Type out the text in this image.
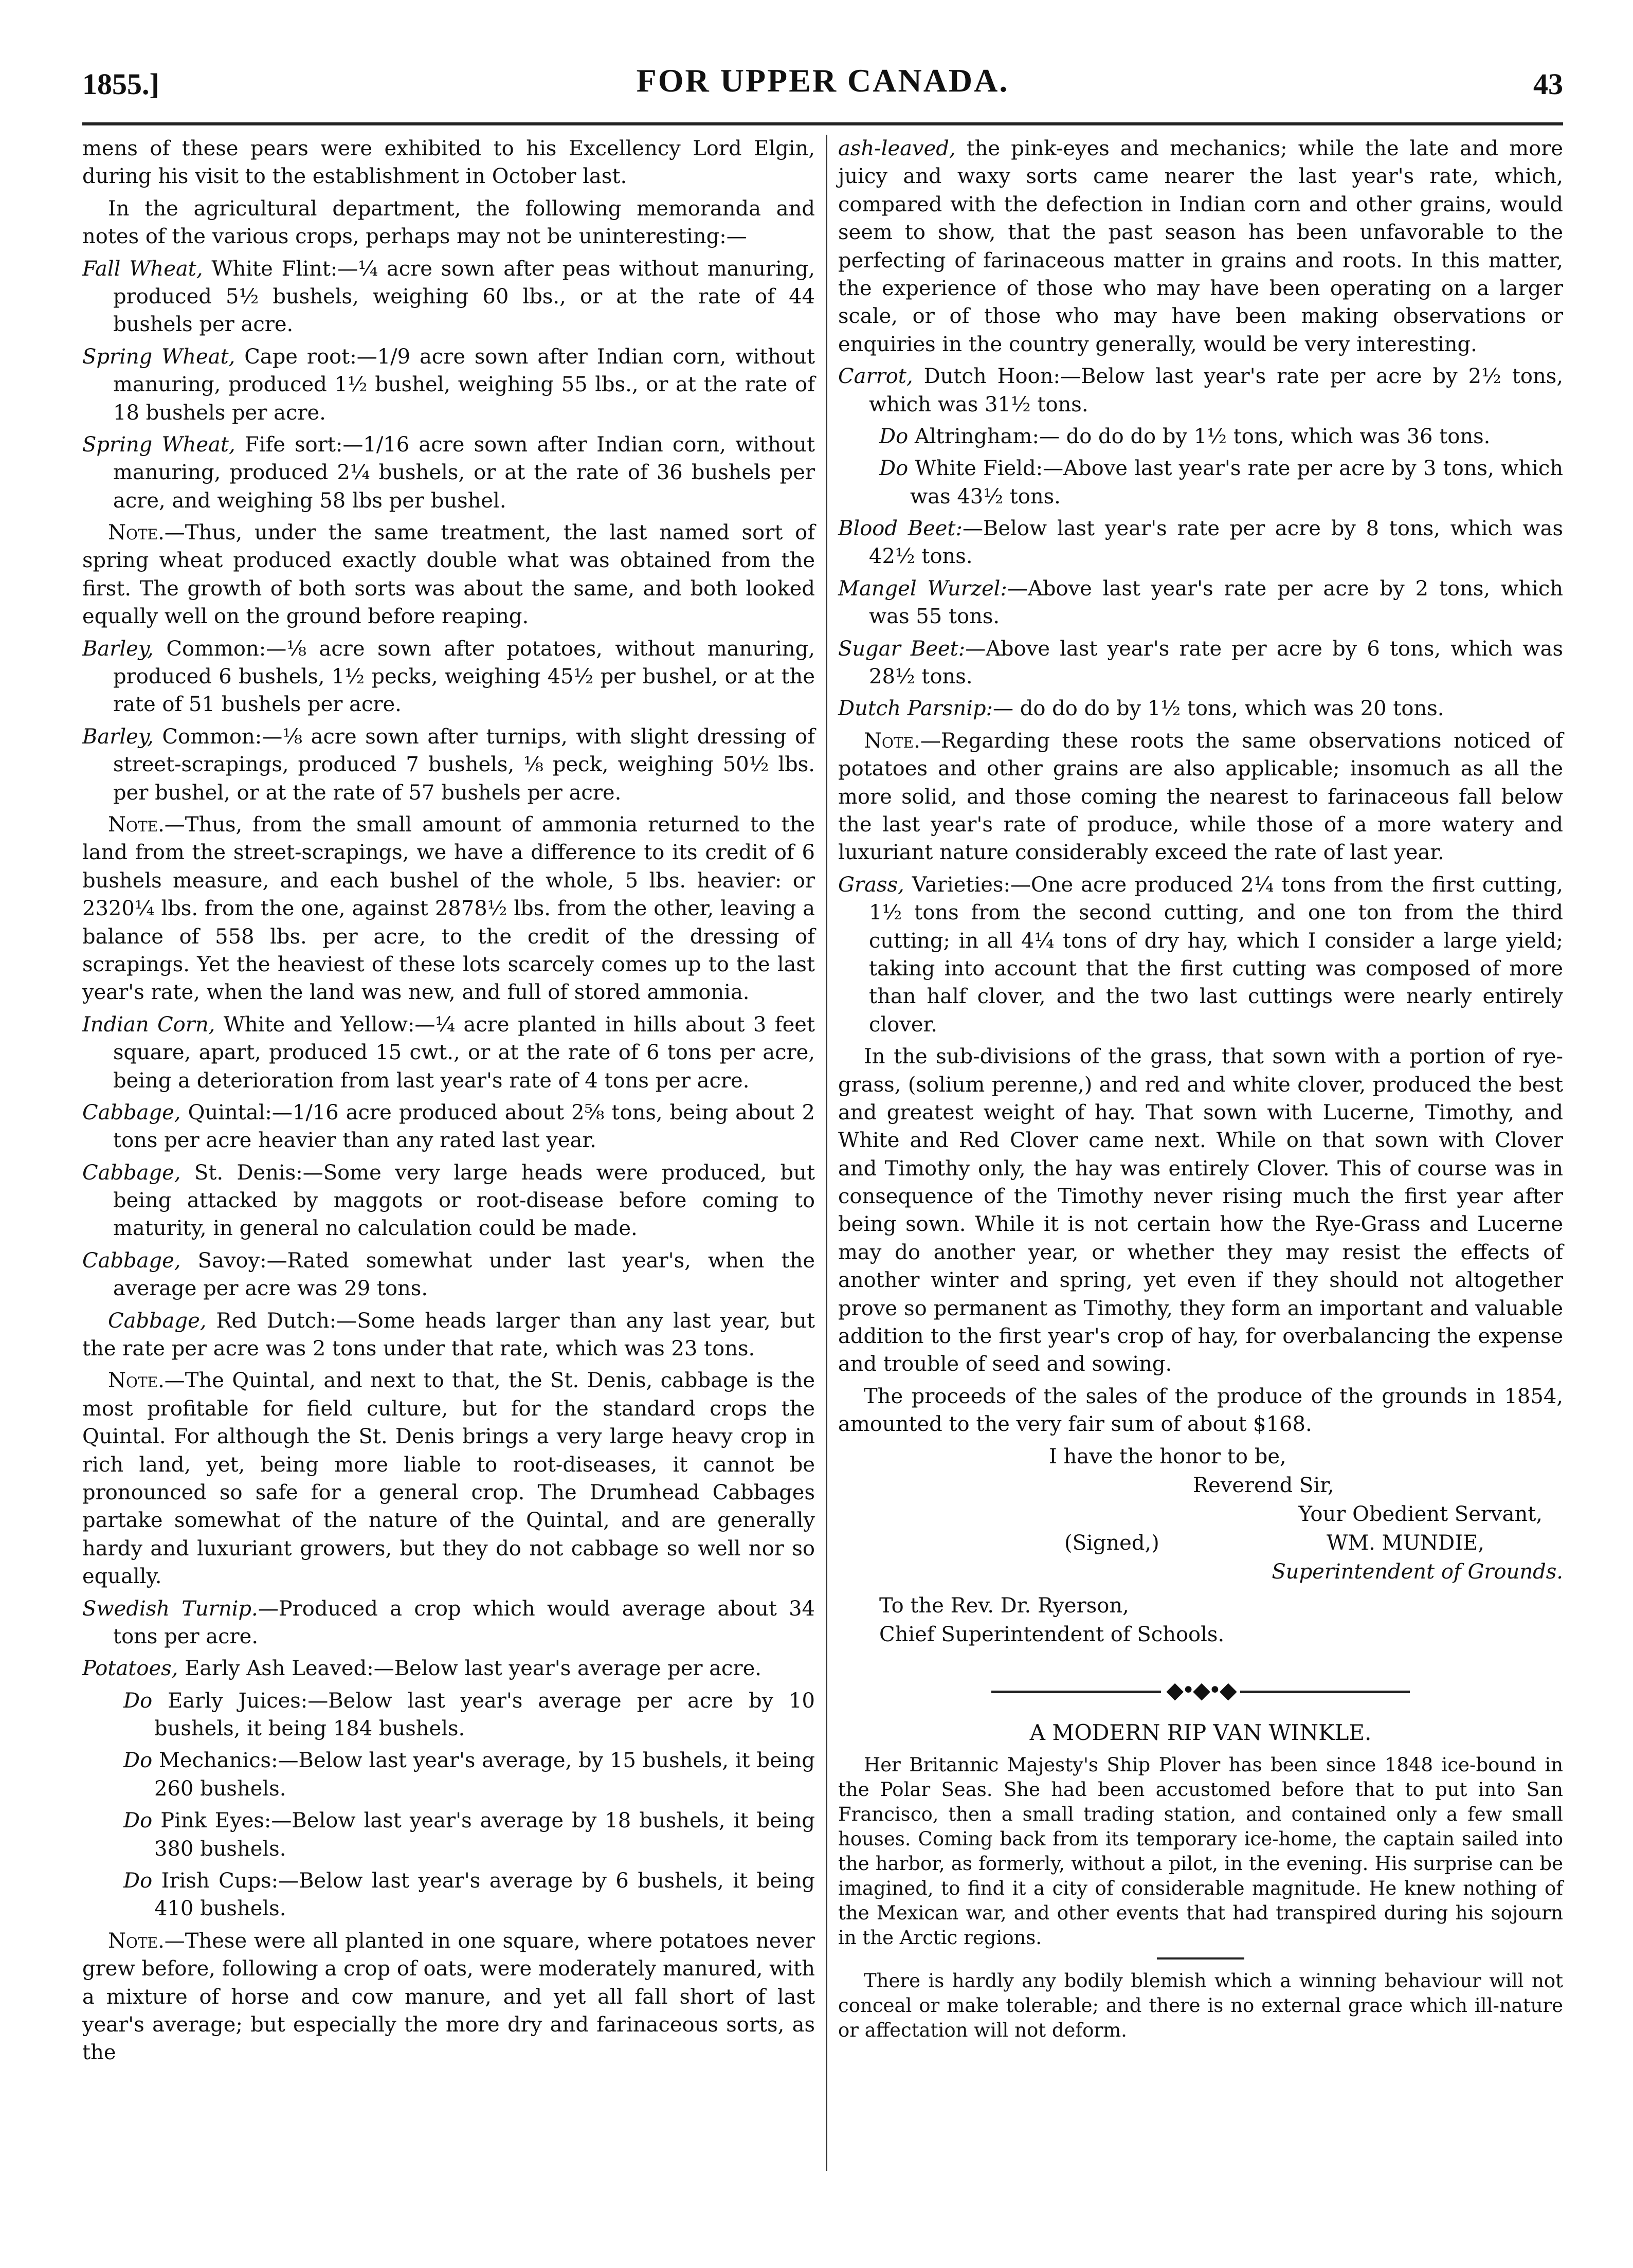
1855.]	FOR UPPER CANADA.	43

mens of these pears were exhibited to his Excellency Lord Elgin, during his visit to the establishment in October last.

In the agricultural department, the following memoranda and notes of the various crops, perhaps may not be uninteresting:—

Fall Wheat, White Flint:—¼ acre sown after peas without manuring, produced 5½ bushels, weighing 60 lbs., or at the rate of 44 bushels per acre.

Spring Wheat, Cape root:—1/9 acre sown after Indian corn, without manuring, produced 1½ bushel, weighing 55 lbs., or at the rate of 18 bushels per acre.

Spring Wheat, Fife sort:—1/16 acre sown after Indian corn, without manuring, produced 2¼ bushels, or at the rate of 36 bushels per acre, and weighing 58 lbs per bushel.

Note.—Thus, under the same treatment, the last named sort of spring wheat produced exactly double what was obtained from the first. The growth of both sorts was about the same, and both looked equally well on the ground before reaping.

Barley, Common:—⅛ acre sown after potatoes, without manuring, produced 6 bushels, 1½ pecks, weighing 45½ per bushel, or at the rate of 51 bushels per acre.

Barley, Common:—⅛ acre sown after turnips, with slight dressing of street-scrapings, produced 7 bushels, ⅛ peck, weighing 50½ lbs. per bushel, or at the rate of 57 bushels per acre.

Note.—Thus, from the small amount of ammonia returned to the land from the street-scrapings, we have a difference to its credit of 6 bushels measure, and each bushel of the whole, 5 lbs. heavier: or 2320¼ lbs. from the one, against 2878½ lbs. from the other, leaving a balance of 558 lbs. per acre, to the credit of the dressing of scrapings. Yet the heaviest of these lots scarcely comes up to the last year's rate, when the land was new, and full of stored ammonia.

Indian Corn, White and Yellow:—¼ acre planted in hills about 3 feet square, apart, produced 15 cwt., or at the rate of 6 tons per acre, being a deterioration from last year's rate of 4 tons per acre.

Cabbage, Quintal:—1/16 acre produced about 2⅝ tons, being about 2 tons per acre heavier than any rated last year.

Cabbage, St. Denis:—Some very large heads were produced, but being attacked by maggots or root-disease before coming to maturity, in general no calculation could be made.

Cabbage, Savoy:—Rated somewhat under last year's, when the average per acre was 29 tons.

Cabbage, Red Dutch:—Some heads larger than any last year, but the rate per acre was 2 tons under that rate, which was 23 tons.

Note.—The Quintal, and next to that, the St. Denis, cabbage is the most profitable for field culture, but for the standard crops the Quintal. For although the St. Denis brings a very large heavy crop in rich land, yet, being more liable to root-diseases, it cannot be pronounced so safe for a general crop. The Drumhead Cabbages partake somewhat of the nature of the Quintal, and are generally hardy and luxuriant growers, but they do not cabbage so well nor so equally.

Swedish Turnip.—Produced a crop which would average about 34 tons per acre.

Potatoes, Early Ash Leaved:—Below last year's average per acre.

Do Early Juices:—Below last year's average per acre by 10 bushels, it being 184 bushels.

Do Mechanics:—Below last year's average, by 15 bushels, it being 260 bushels.

Do Pink Eyes:—Below last year's average by 18 bushels, it being 380 bushels.

Do Irish Cups:—Below last year's average by 6 bushels, it being 410 bushels.

Note.—These were all planted in one square, where potatoes never grew before, following a crop of oats, were moderately manured, with a mixture of horse and cow manure, and yet all fall short of last year's average; but especially the more dry and farinaceous sorts, as the

ash-leaved, the pink-eyes and mechanics; while the late and more juicy and waxy sorts came nearer the last year's rate, which, compared with the defection in Indian corn and other grains, would seem to show, that the past season has been unfavorable to the perfecting of farinaceous matter in grains and roots. In this matter, the experience of those who may have been operating on a larger scale, or of those who may have been making observations or enquiries in the country generally, would be very interesting.

Carrot, Dutch Hoon:—Below last year's rate per acre by 2½ tons, which was 31½ tons.

Do Altringham:— do do do by 1½ tons, which was 36 tons.

Do White Field:—Above last year's rate per acre by 3 tons, which was 43½ tons.

Blood Beet:—Below last year's rate per acre by 8 tons, which was 42½ tons.

Mangel Wurzel:—Above last year's rate per acre by 2 tons, which was 55 tons.

Sugar Beet:—Above last year's rate per acre by 6 tons, which was 28½ tons.

Dutch Parsnip:— do do do by 1½ tons, which was 20 tons.

Note.—Regarding these roots the same observations noticed of potatoes and other grains are also applicable; insomuch as all the more solid, and those coming the nearest to farinaceous fall below the last year's rate of produce, while those of a more watery and luxuriant nature considerably exceed the rate of last year.

Grass, Varieties:—One acre produced 2¼ tons from the first cutting, 1½ tons from the second cutting, and one ton from the third cutting; in all 4¼ tons of dry hay, which I consider a large yield; taking into account that the first cutting was composed of more than half clover, and the two last cuttings were nearly entirely clover.

In the sub-divisions of the grass, that sown with a portion of rye-grass, (solium perenne,) and red and white clover, produced the best and greatest weight of hay. That sown with Lucerne, Timothy, and White and Red Clover came next. While on that sown with Clover and Timothy only, the hay was entirely Clover. This of course was in consequence of the Timothy never rising much the first year after being sown. While it is not certain how the Rye-Grass and Lucerne may do another year, or whether they may resist the effects of another winter and spring, yet even if they should not altogether prove so permanent as Timothy, they form an important and valuable addition to the first year's crop of hay, for overbalancing the expense and trouble of seed and sowing.

The proceeds of the sales of the produce of the grounds in 1854, amounted to the very fair sum of about $168.

I have the honor to be,
Reverend Sir,
Your Obedient Servant,
(Signed,)	WM. MUNDIE,
Superintendent of Grounds.
To the Rev. Dr. Ryerson,
Chief Superintendent of Schools.
◆•◆•◆
A MODERN RIP VAN WINKLE.

Her Britannic Majesty's Ship Plover has been since 1848 ice-bound in the Polar Seas. She had been accustomed before that to put into San Francisco, then a small trading station, and contained only a few small houses. Coming back from its temporary ice-home, the captain sailed into the harbor, as formerly, without a pilot, in the evening. His surprise can be imagined, to find it a city of considerable magnitude. He knew nothing of the Mexican war, and other events that had transpired during his sojourn in the Arctic regions.

There is hardly any bodily blemish which a winning behaviour will not conceal or make tolerable; and there is no external grace which ill-nature or affectation will not deform.
